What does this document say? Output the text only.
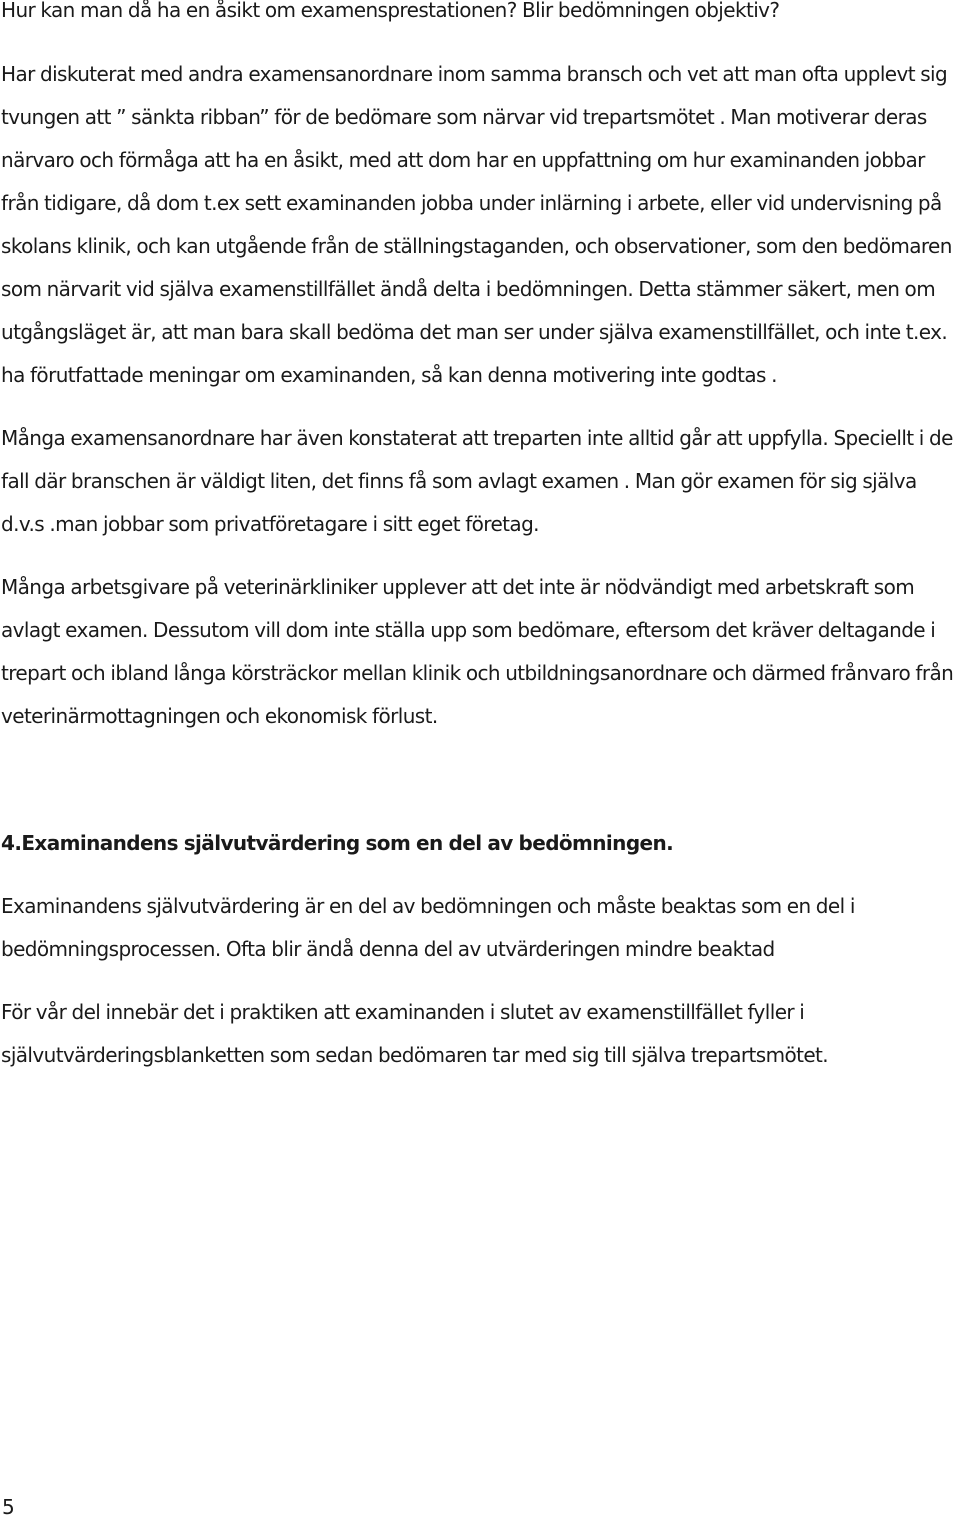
Hur kan man då ha en åsikt om examensprestationen? Blir bedömningen objektiv?

Har diskuterat med andra examensanordnare inom samma bransch och vet att man ofta upplevt sig tvungen att ” sänkta ribban” för de bedömare som närvar vid trepartsmötet . Man motiverar deras närvaro och förmåga att ha en åsikt, med att dom har en uppfattning om hur examinanden jobbar från tidigare, då dom t.ex sett examinanden jobba under inlärning i arbete, eller vid undervisning på skolans klinik, och kan utgående från de ställningstaganden, och observationer, som den bedömaren som närvarit vid själva examenstillfället ändå delta i bedömningen. Detta stämmer säkert, men om utgångsläget är, att man bara skall bedöma det man ser under själva examenstillfället, och inte t.ex. ha förutfattade meningar om examinanden, så kan denna motivering inte godtas .

Många examensanordnare har även konstaterat att treparten inte alltid går att uppfylla. Speciellt i de fall där branschen är väldigt liten, det finns få som avlagt examen . Man gör examen för sig själva d.v.s .man jobbar som privatföretagare i sitt eget företag.

Många arbetsgivare på veterinärkliniker upplever att det inte är nödvändigt med arbetskraft som avlagt examen. Dessutom vill dom inte ställa upp som bedömare, eftersom det kräver deltagande i trepart och ibland långa körsträckor mellan klinik och utbildningsanordnare och därmed frånvaro från veterinärmottagningen och ekonomisk förlust.

4.Examinandens självutvärdering som en del av bedömningen.

Examinandens självutvärdering är en del av bedömningen och måste beaktas som en del i bedömningsprocessen. Ofta blir ändå denna del av utvärderingen mindre beaktad

För vår del innebär det i praktiken att examinanden i slutet av examenstillfället fyller i självutvärderingsblanketten som sedan bedömaren tar med sig till själva trepartsmötet.

5
